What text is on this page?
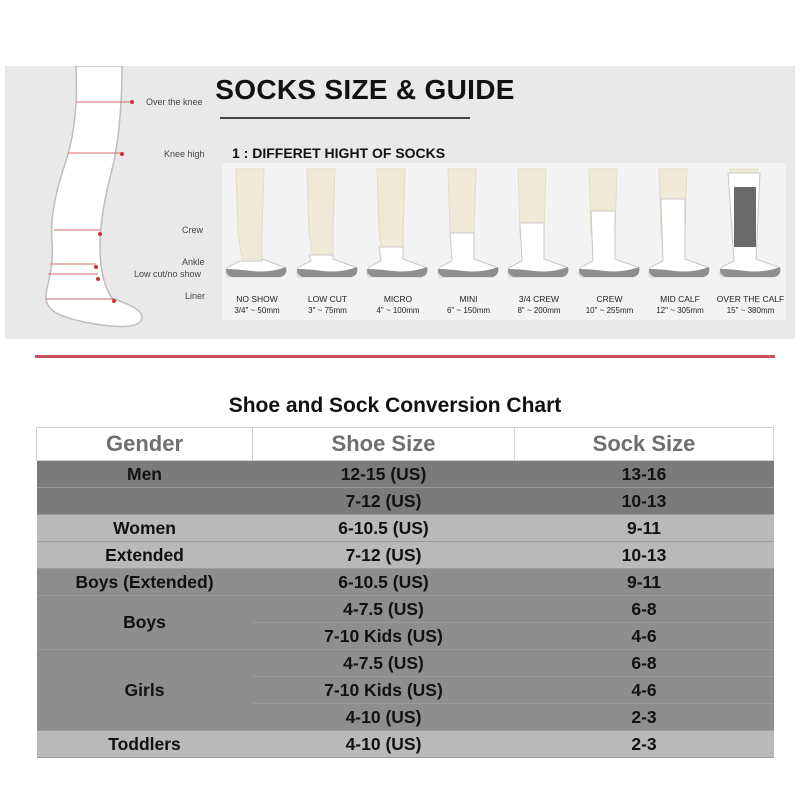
Over the knee
Knee high
Crew
Ankle
Low cut/no show
Liner
SOCKS SIZE & GUIDE
1 : DIFFERET HIGHT OF SOCKS
NO SHOW
3/4" ~ 50mm
LOW CUT
3" ~ 75mm
MICRO
4" ~ 100mm
MINI
6" ~ 150mm
3/4 CREW
8" ~ 200mm
CREW
10" ~ 255mm
MID CALF
12" ~ 305mm
OVER THE CALF
15" ~ 380mm
Shoe and Sock Conversion Chart
Gender	Shoe Size	Sock Size
Men	12-15 (US)	13-16
	7-12 (US)	10-13
Women	6-10.5 (US)	9-11
Extended	7-12 (US)	10-13
Boys (Extended)	6-10.5 (US)	9-11
Boys	4-7.5 (US)	6-8
	7-10 Kids (US)	4-6
Girls	4-7.5 (US)	6-8
	7-10 Kids (US)	4-6
	4-10 (US)	2-3
Toddlers	4-10 (US)	2-3
